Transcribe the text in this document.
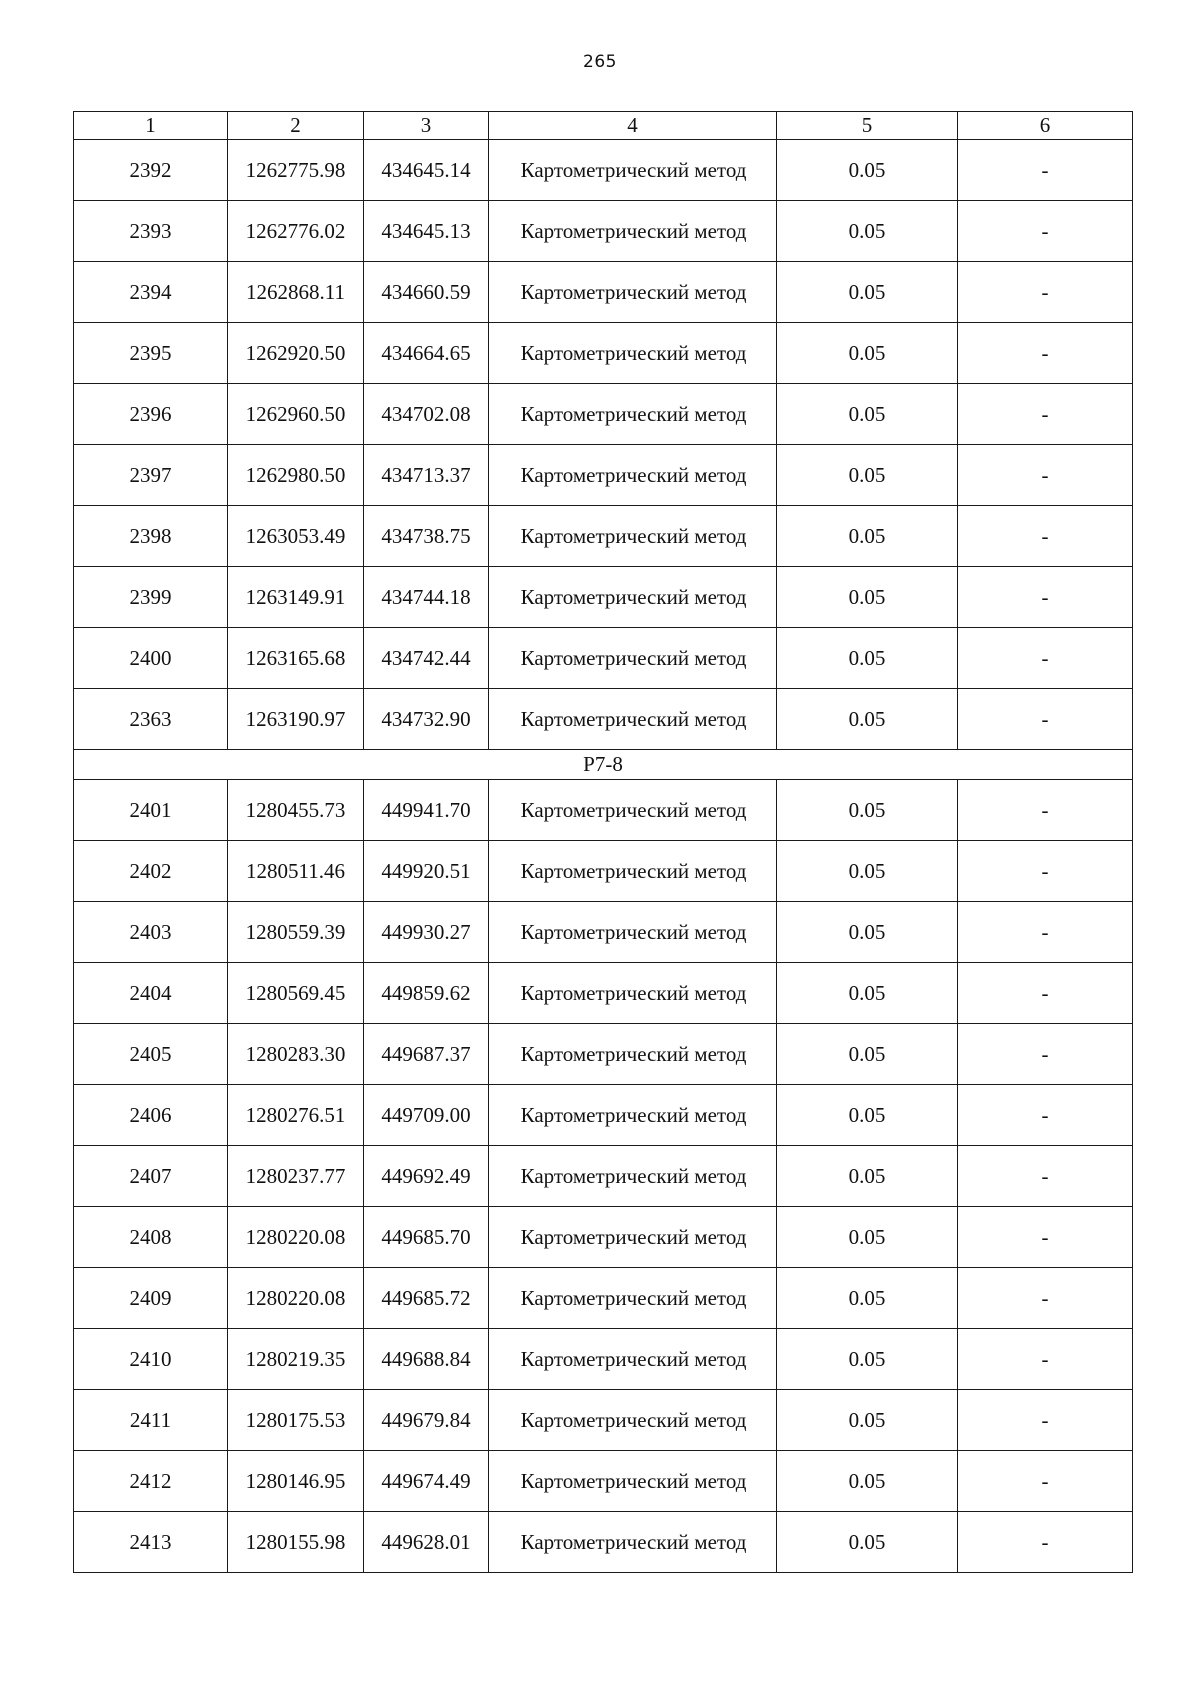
265
1	2	3	4	5	6
2392	1262775.98	434645.14	Картометрический метод	0.05	-
2393	1262776.02	434645.13	Картометрический метод	0.05	-
2394	1262868.11	434660.59	Картометрический метод	0.05	-
2395	1262920.50	434664.65	Картометрический метод	0.05	-
2396	1262960.50	434702.08	Картометрический метод	0.05	-
2397	1262980.50	434713.37	Картометрический метод	0.05	-
2398	1263053.49	434738.75	Картометрический метод	0.05	-
2399	1263149.91	434744.18	Картометрический метод	0.05	-
2400	1263165.68	434742.44	Картометрический метод	0.05	-
2363	1263190.97	434732.90	Картометрический метод	0.05	-
P7-8					
2401	1280455.73	449941.70	Картометрический метод	0.05	-
2402	1280511.46	449920.51	Картометрический метод	0.05	-
2403	1280559.39	449930.27	Картометрический метод	0.05	-
2404	1280569.45	449859.62	Картометрический метод	0.05	-
2405	1280283.30	449687.37	Картометрический метод	0.05	-
2406	1280276.51	449709.00	Картометрический метод	0.05	-
2407	1280237.77	449692.49	Картометрический метод	0.05	-
2408	1280220.08	449685.70	Картометрический метод	0.05	-
2409	1280220.08	449685.72	Картометрический метод	0.05	-
2410	1280219.35	449688.84	Картометрический метод	0.05	-
2411	1280175.53	449679.84	Картометрический метод	0.05	-
2412	1280146.95	449674.49	Картометрический метод	0.05	-
2413	1280155.98	449628.01	Картометрический метод	0.05	-
